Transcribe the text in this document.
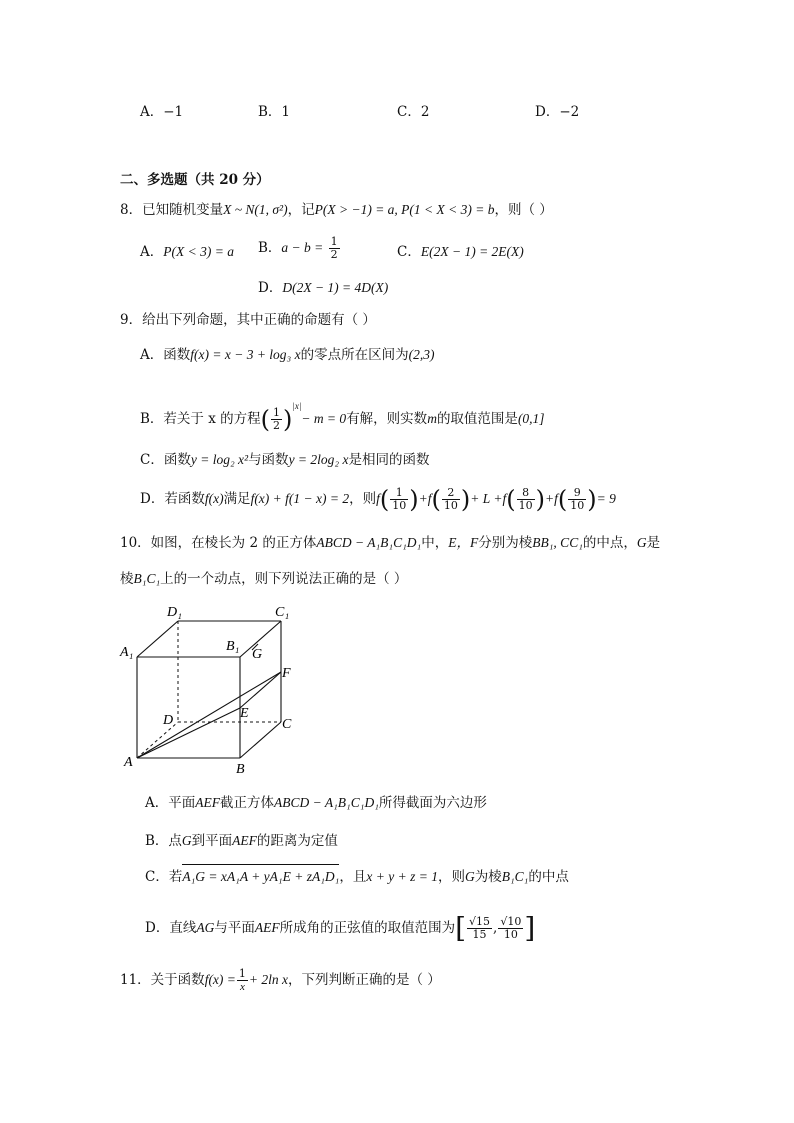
A．−1	B．1	C．2	D．−2
二、多选题（共 20 分）
8．已知随机变量X ~ N(1, σ²)，记P(X > −1) = a, P(1 < X < 3) = b，则（ ）
A．P(X < 3) = a B．$a - b = \frac{1}{2}$	C．E(2X − 1) = 2E(X)
D．D(2X − 1) = 4D(X)
9．给出下列命题，其中正确的命题有（ ）
A．函数f(x) = x − 3 + log₃ x的零点所在区间为(2,3)
B．若关于 x 的方程( $\frac{1}{2} )^{|x|}- m = 0$有解，则实数m的取值范围是(0,1]
C．函数y = log₂ x²与函数y = 2log₂ x是相同的函数
D．若函数f(x)满足f(x) + f(1 − x) = 2，则$f( \frac{1}{10} )+f( \frac{2}{10}$ )+ $L +f( \frac{8}{10} )+f( \frac{9}{10}$ )= 9
10．如图，在棱长为 2 的正方体ABCD − A₁B₁C₁D₁中，E，F分别为棱BB₁, CC₁的中点，G是
棱B₁C₁上的一个动点，则下列说法正确的是（ ）
D₁	C₁
A₁	B₁
G
F
D	E
C
A	B
A．平面AEF截正方体ABCD − A₁B₁C₁D₁所得截面为六边形
B．点G到平面AEF的距离为定值
C．若A₁G = xA₁A + yA₁E + zA₁D₁，且x + y + z = 1，则G为棱B₁C₁的中点
D．直线AG与平面AEF所成角的正弦值的取值范围为[ $\frac{√15}{15}$ , $\frac{√10}{10}$ ]
11．关于函数$f(x) = \frac{1}{x} + 2\ln$ x，下列判断正确的是（ ）
